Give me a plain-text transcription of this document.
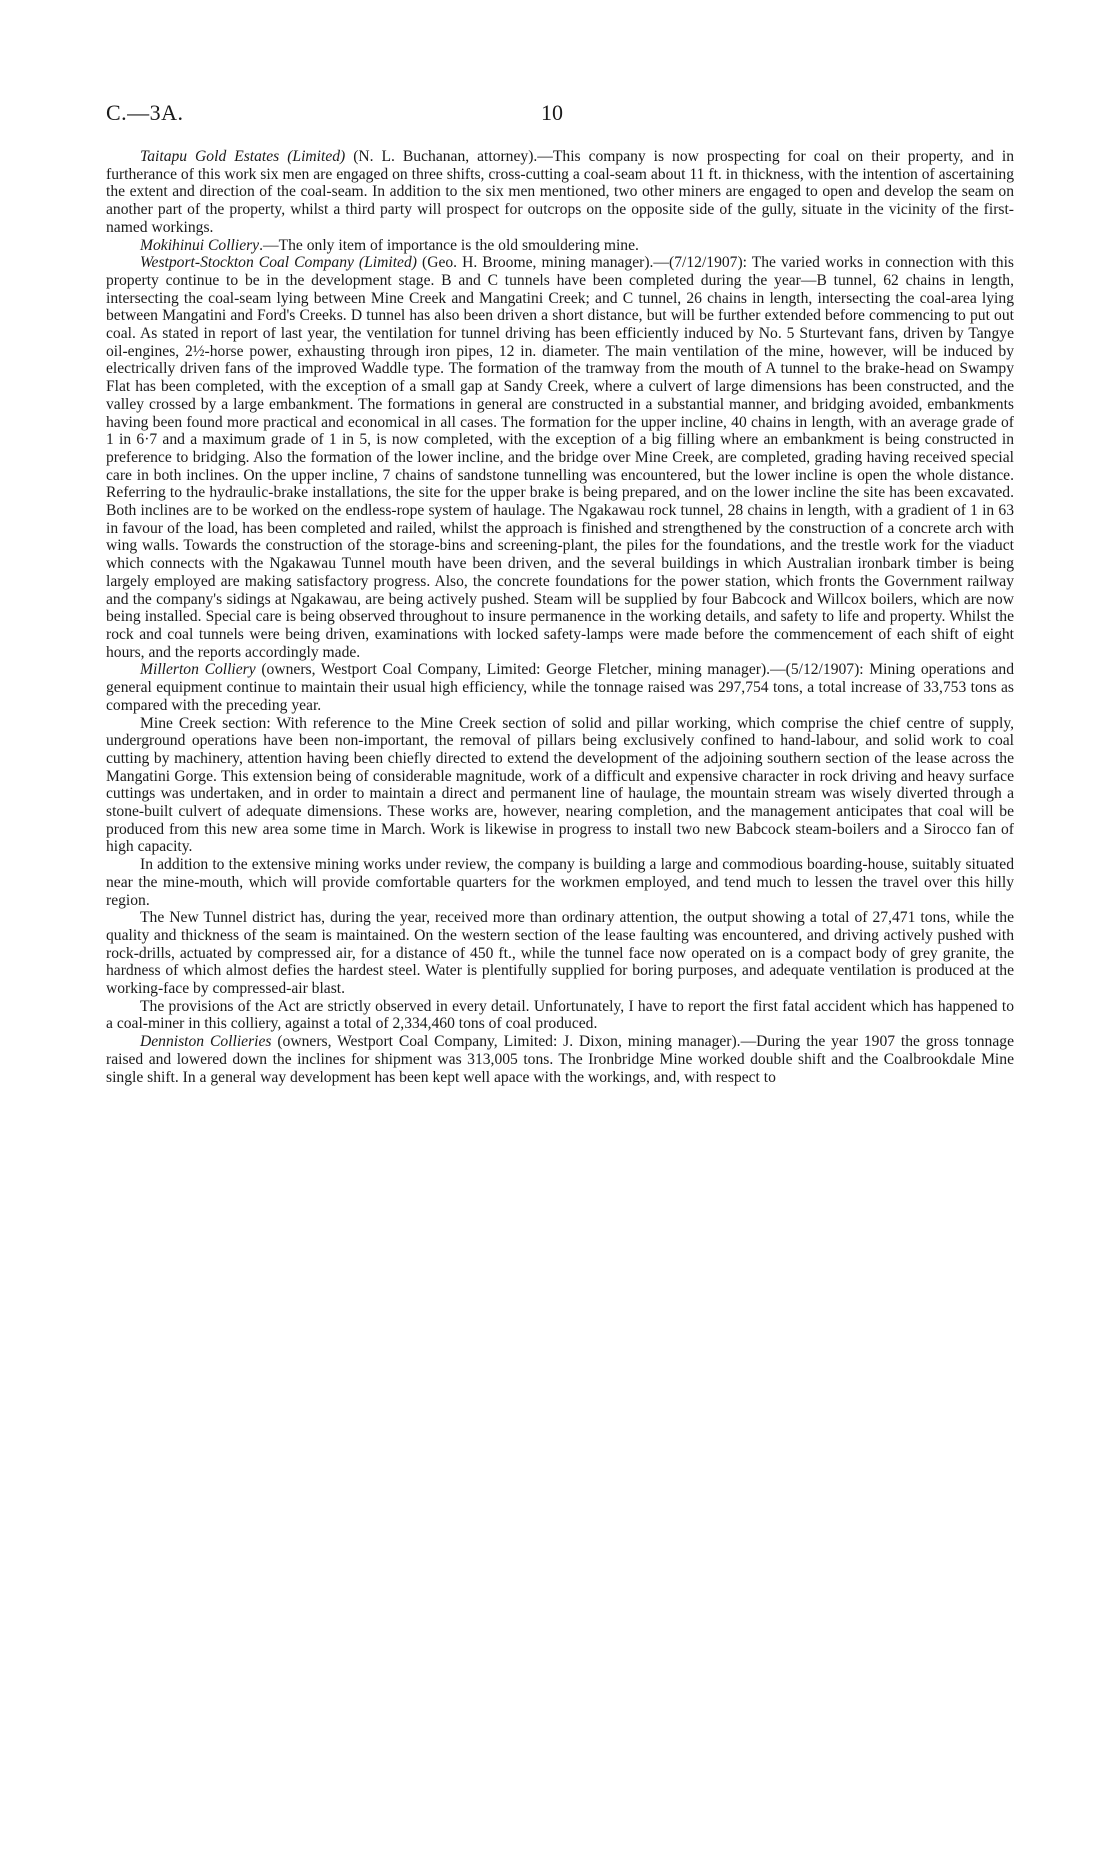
C.—3A.	10

Taitapu Gold Estates (Limited) (N. L. Buchanan, attorney).—This company is now prospecting for coal on their property, and in furtherance of this work six men are engaged on three shifts, cross-cutting a coal-seam about 11 ft. in thickness, with the intention of ascertaining the extent and direction of the coal-seam. In addition to the six men mentioned, two other miners are engaged to open and develop the seam on another part of the property, whilst a third party will prospect for outcrops on the opposite side of the gully, situate in the vicinity of the first-named workings.

Mokihinui Colliery.—The only item of importance is the old smouldering mine.

Westport-Stockton Coal Company (Limited) (Geo. H. Broome, mining manager).—(7/12/1907): The varied works in connection with this property continue to be in the development stage. B and C tunnels have been completed during the year—B tunnel, 62 chains in length, intersecting the coal-seam lying between Mine Creek and Mangatini Creek; and C tunnel, 26 chains in length, intersecting the coal-area lying between Mangatini and Ford's Creeks. D tunnel has also been driven a short distance, but will be further extended before commencing to put out coal. As stated in report of last year, the ventilation for tunnel driving has been efficiently induced by No. 5 Sturtevant fans, driven by Tangye oil-engines, 2½-horse power, exhausting through iron pipes, 12 in. diameter. The main ventilation of the mine, however, will be induced by electrically driven fans of the improved Waddle type. The formation of the tramway from the mouth of A tunnel to the brake-head on Swampy Flat has been completed, with the exception of a small gap at Sandy Creek, where a culvert of large dimensions has been constructed, and the valley crossed by a large embankment. The formations in general are constructed in a substantial manner, and bridging avoided, embankments having been found more practical and economical in all cases. The formation for the upper incline, 40 chains in length, with an average grade of 1 in 6·7 and a maximum grade of 1 in 5, is now completed, with the exception of a big filling where an embankment is being constructed in preference to bridging. Also the formation of the lower incline, and the bridge over Mine Creek, are completed, grading having received special care in both inclines. On the upper incline, 7 chains of sandstone tunnelling was encountered, but the lower incline is open the whole distance. Referring to the hydraulic-brake installations, the site for the upper brake is being prepared, and on the lower incline the site has been excavated. Both inclines are to be worked on the endless-rope system of haulage. The Ngakawau rock tunnel, 28 chains in length, with a gradient of 1 in 63 in favour of the load, has been completed and railed, whilst the approach is finished and strengthened by the construction of a concrete arch with wing walls. Towards the construction of the storage-bins and screening-plant, the piles for the foundations, and the trestle work for the viaduct which connects with the Ngakawau Tunnel mouth have been driven, and the several buildings in which Australian ironbark timber is being largely employed are making satisfactory progress. Also, the concrete foundations for the power station, which fronts the Government railway and the company's sidings at Ngakawau, are being actively pushed. Steam will be supplied by four Babcock and Willcox boilers, which are now being installed. Special care is being observed throughout to insure permanence in the working details, and safety to life and property. Whilst the rock and coal tunnels were being driven, examinations with locked safety-lamps were made before the commencement of each shift of eight hours, and the reports accordingly made.

Millerton Colliery (owners, Westport Coal Company, Limited: George Fletcher, mining manager).—(5/12/1907): Mining operations and general equipment continue to maintain their usual high efficiency, while the tonnage raised was 297,754 tons, a total increase of 33,753 tons as compared with the preceding year.

Mine Creek section: With reference to the Mine Creek section of solid and pillar working, which comprise the chief centre of supply, underground operations have been non-important, the removal of pillars being exclusively confined to hand-labour, and solid work to coal cutting by machinery, attention having been chiefly directed to extend the development of the adjoining southern section of the lease across the Mangatini Gorge. This extension being of considerable magnitude, work of a difficult and expensive character in rock driving and heavy surface cuttings was undertaken, and in order to maintain a direct and permanent line of haulage, the mountain stream was wisely diverted through a stone-built culvert of adequate dimensions. These works are, however, nearing completion, and the management anticipates that coal will be produced from this new area some time in March. Work is likewise in progress to install two new Babcock steam-boilers and a Sirocco fan of high capacity.

In addition to the extensive mining works under review, the company is building a large and commodious boarding-house, suitably situated near the mine-mouth, which will provide comfortable quarters for the workmen employed, and tend much to lessen the travel over this hilly region.

The New Tunnel district has, during the year, received more than ordinary attention, the output showing a total of 27,471 tons, while the quality and thickness of the seam is maintained. On the western section of the lease faulting was encountered, and driving actively pushed with rock-drills, actuated by compressed air, for a distance of 450 ft., while the tunnel face now operated on is a compact body of grey granite, the hardness of which almost defies the hardest steel. Water is plentifully supplied for boring purposes, and adequate ventilation is produced at the working-face by compressed-air blast.

The provisions of the Act are strictly observed in every detail. Unfortunately, I have to report the first fatal accident which has happened to a coal-miner in this colliery, against a total of 2,334,460 tons of coal produced.

Denniston Collieries (owners, Westport Coal Company, Limited: J. Dixon, mining manager).—During the year 1907 the gross tonnage raised and lowered down the inclines for shipment was 313,005 tons. The Ironbridge Mine worked double shift and the Coalbrookdale Mine single shift. In a general way development has been kept well apace with the workings, and, with respect to
